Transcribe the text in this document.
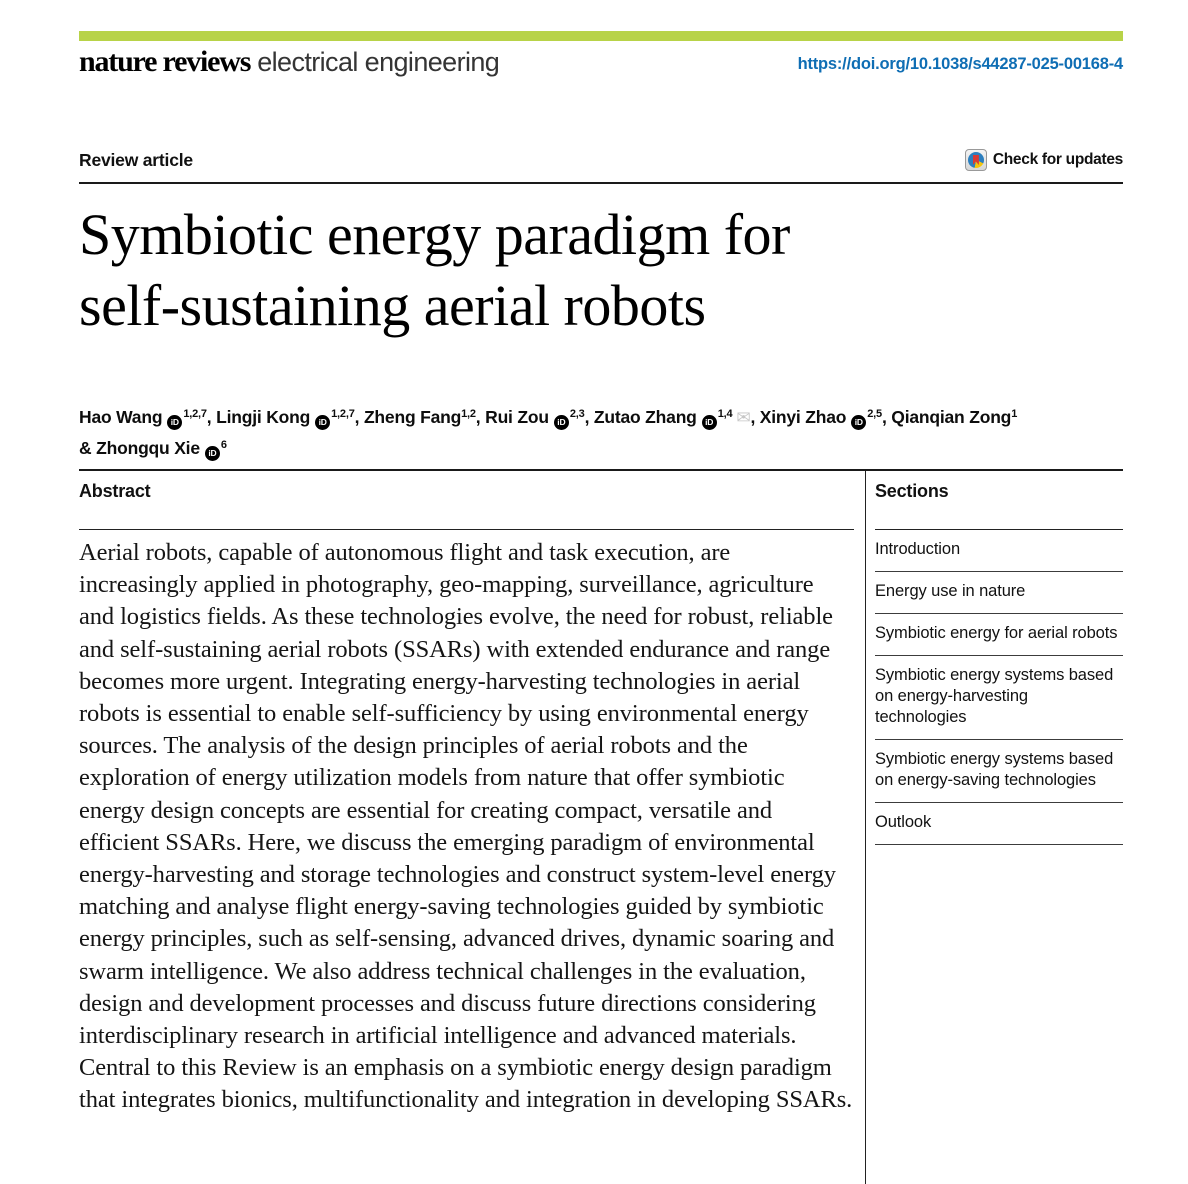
nature reviews electrical engineering	https://doi.org/10.1038/s44287-025-00168-4
Review article	Check for updates
Symbiotic energy paradigm for
self-sustaining aerial robots
Hao Wang iD$^{1,2,7}$, Lingji Kong iD$^{1,2,7}$, Zheng Fang$^{1,2}$, Rui Zou iD$^{2,3}$, Zutao Zhang iD$^{1,4}$ ✉, Xinyi Zhao iD$^{2,5}$, Qianqian Zong$^1$
& Zhongqu Xie $iD^6$
Abstract

Aerial robots, capable of autonomous flight and task execution, are increasingly applied in photography, geo-mapping, surveillance, agriculture and logistics fields. As these technologies evolve, the need for robust, reliable and self-sustaining aerial robots (SSARs) with extended endurance and range becomes more urgent. Integrating energy-harvesting technologies in aerial robots is essential to enable self-sufficiency by using environmental energy sources. The analysis of the design principles of aerial robots and the exploration of energy utilization models from nature that offer symbiotic energy design concepts are essential for creating compact, versatile and efficient SSARs. Here, we discuss the emerging paradigm of environmental energy-harvesting and storage technologies and construct system-level energy matching and analyse flight energy-saving technologies guided by symbiotic energy principles, such as self-sensing, advanced drives, dynamic soaring and swarm intelligence. We also address technical challenges in the evaluation, design and development processes and discuss future directions considering interdisciplinary research in artificial intelligence and advanced materials. Central to this Review is an emphasis on a symbiotic energy design paradigm that integrates bionics, multifunctionality and integration in developing SSARs.

Sections
Introduction
Energy use in nature
Symbiotic energy for aerial robots
Symbiotic energy systems based on energy-harvesting technologies
Symbiotic energy systems based on energy-saving technologies
Outlook
